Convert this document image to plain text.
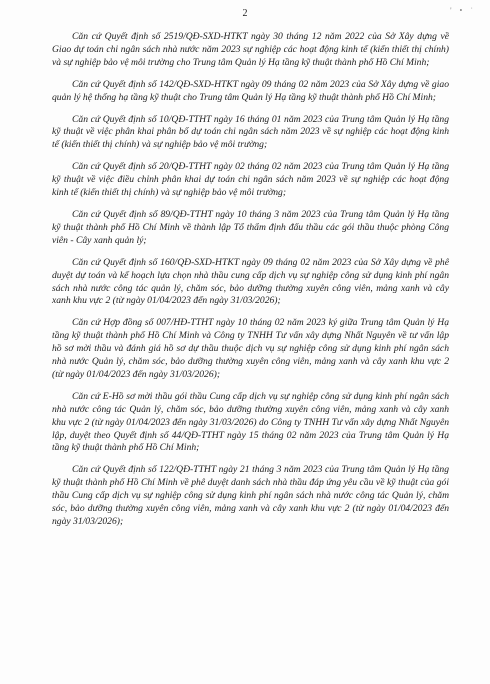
2	' • ˙

Căn cứ Quyết định số 2519/QĐ-SXD-HTKT ngày 30 tháng 12 năm 2022 của Sở Xây dựng về Giao dự toán chi ngân sách nhà nước năm 2023 sự nghiệp các hoạt động kinh tế (kiến thiết thị chính) và sự nghiệp bảo vệ môi trường cho Trung tâm Quản lý Hạ tầng kỹ thuật thành phố Hồ Chí Minh;

Căn cứ Quyết định số 142/QĐ-SXD-HTKT ngày 09 tháng 02 năm 2023 của Sở Xây dựng về giao quản lý hệ thống hạ tầng kỹ thuật cho Trung tâm Quản lý Hạ tầng kỹ thuật thành phố Hồ Chí Minh;

Căn cứ Quyết định số 10/QĐ-TTHT ngày 16 tháng 01 năm 2023 của Trung tâm Quản lý Hạ tầng kỹ thuật về việc phân khai phân bổ dự toán chi ngân sách năm 2023 về sự nghiệp các hoạt động kinh tế (kiến thiết thị chính) và sự nghiệp bảo vệ môi trường;

Căn cứ Quyết định số 20/QĐ-TTHT ngày 02 tháng 02 năm 2023 của Trung tâm Quản lý Hạ tầng kỹ thuật về việc điều chỉnh phân khai dự toán chi ngân sách năm 2023 về sự nghiệp các hoạt động kinh tế (kiến thiết thị chính) và sự nghiệp bảo vệ môi trường;

Căn cứ Quyết định số 89/QĐ-TTHT ngày 10 tháng 3 năm 2023 của Trung tâm Quản lý Hạ tầng kỹ thuật thành phố Hồ Chí Minh về thành lập Tổ thẩm định đấu thầu các gói thầu thuộc phòng Công viên - Cây xanh quản lý;

Căn cứ Quyết định số 160/QĐ-SXD-HTKT ngày 09 tháng 02 năm 2023 của Sở Xây dựng về phê duyệt dự toán và kế hoạch lựa chọn nhà thầu cung cấp dịch vụ sự nghiệp công sử dụng kinh phí ngân sách nhà nước công tác quản lý, chăm sóc, bảo dưỡng thường xuyên công viên, mảng xanh và cây xanh khu vực 2 (từ ngày 01/04/2023 đến ngày 31/03/2026);

Căn cứ Hợp đồng số 007/HĐ-TTHT ngày 10 tháng 02 năm 2023 ký giữa Trung tâm Quản lý Hạ tầng kỹ thuật thành phố Hồ Chí Minh và Công ty TNHH Tư vấn xây dựng Nhất Nguyên về tư vấn lập hồ sơ mời thầu và đánh giá hồ sơ dự thầu thuộc dịch vụ sự nghiệp công sử dụng kinh phí ngân sách nhà nước Quản lý, chăm sóc, bảo dưỡng thường xuyên công viên, mảng xanh và cây xanh khu vực 2 (từ ngày 01/04/2023 đến ngày 31/03/2026);

Căn cứ E-Hồ sơ mời thầu gói thầu Cung cấp dịch vụ sự nghiệp công sử dụng kinh phí ngân sách nhà nước công tác Quản lý, chăm sóc, bảo dưỡng thường xuyên công viên, mảng xanh và cây xanh khu vực 2 (từ ngày 01/04/2023 đến ngày 31/03/2026) do Công ty TNHH Tư vấn xây dựng Nhất Nguyên lập, duyệt theo Quyết định số 44/QĐ-TTHT ngày 15 tháng 02 năm 2023 của Trung tâm Quản lý Hạ tầng kỹ thuật thành phố Hồ Chí Minh;

Căn cứ Quyết định số 122/QĐ-TTHT ngày 21 tháng 3 năm 2023 của Trung tâm Quản lý Hạ tầng kỹ thuật thành phố Hồ Chí Minh về phê duyệt danh sách nhà thầu đáp ứng yêu cầu về kỹ thuật của gói thầu Cung cấp dịch vụ sự nghiệp công sử dụng kinh phí ngân sách nhà nước công tác Quản lý, chăm sóc, bảo dưỡng thường xuyên công viên, mảng xanh và cây xanh khu vực 2 (từ ngày 01/04/2023 đến ngày 31/03/2026);
